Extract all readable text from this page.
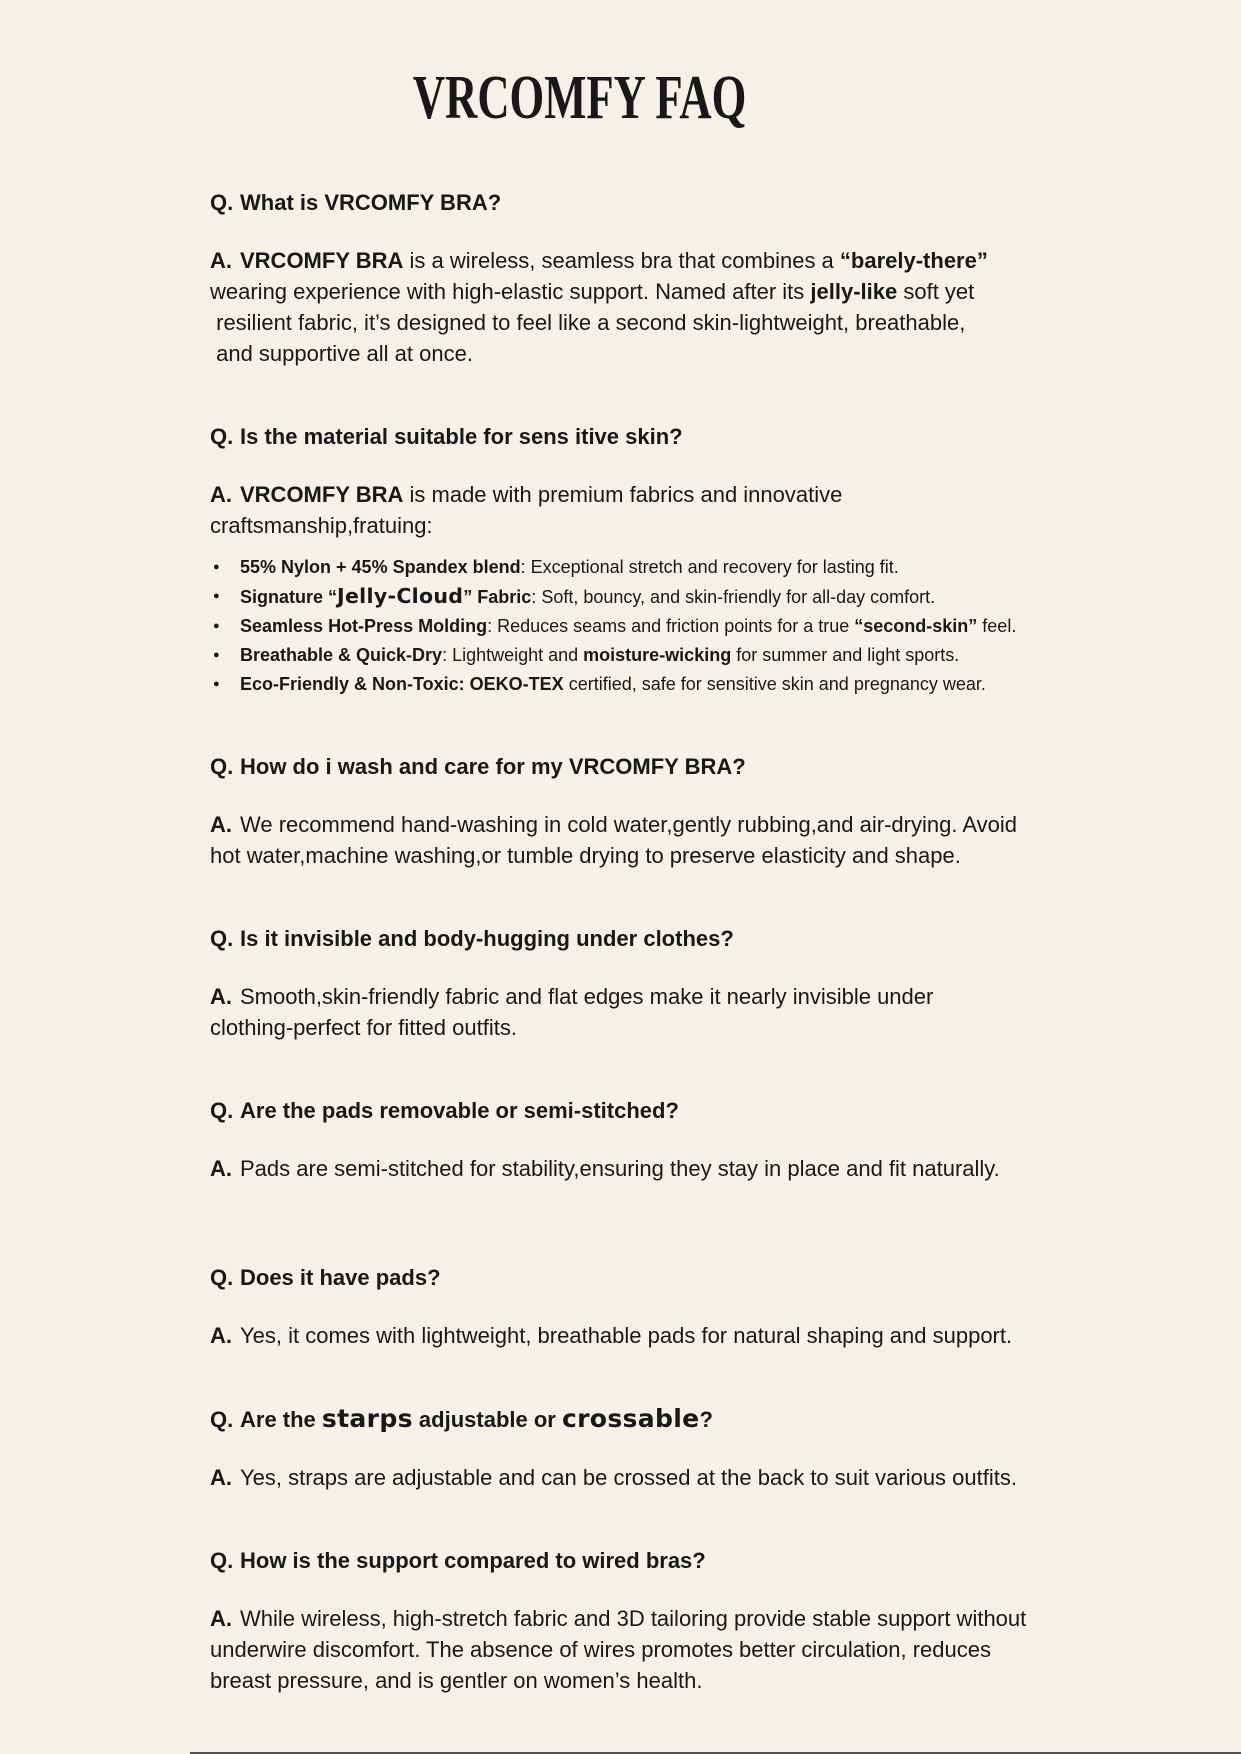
VRCOMFY FAQ
Q. What is VRCOMFY BRA?
A. VRCOMFY BRA is a wireless, seamless bra that combines a “barely-there”
wearing experience with high-elastic support. Named after its jelly-like soft yet
resilient fabric, it’s designed to feel like a second skin-lightweight, breathable,
and supportive all at once.
Q. Is the material suitable for sens itive skin?
A. VRCOMFY BRA is made with premium fabrics and innovative
craftsmanship,fratuing:
●	55% Nylon + 45% Spandex blend: Exceptional stretch and recovery for lasting fit.
●	Signature “Jelly-Cloud” Fabric: Soft, bouncy, and skin-friendly for all-day comfort.
●	Seamless Hot-Press Molding: Reduces seams and friction points for a true “second-skin” feel.
●	Breathable & Quick-Dry: Lightweight and moisture-wicking for summer and light sports.
●	Eco-Friendly & Non-Toxic: OEKO-TEX certified, safe for sensitive skin and pregnancy wear.
Q. How do i wash and care for my VRCOMFY BRA?
A. We recommend hand-washing in cold water,gently rubbing,and air-drying. Avoid
hot water,machine washing,or tumble drying to preserve elasticity and shape.
Q. Is it invisible and body-hugging under clothes?
A. Smooth,skin-friendly fabric and flat edges make it nearly invisible under
clothing-perfect for fitted outfits.
Q. Are the pads removable or semi-stitched?
A. Pads are semi-stitched for stability,ensuring they stay in place and fit naturally.
Q. Does it have pads?
A. Yes, it comes with lightweight, breathable pads for natural shaping and support.
Q. Are the starps adjustable or crossable?
A. Yes, straps are adjustable and can be crossed at the back to suit various outfits.
Q. How is the support compared to wired bras?
A. While wireless, high-stretch fabric and 3D tailoring provide stable support without
underwire discomfort. The absence of wires promotes better circulation, reduces
breast pressure, and is gentler on women’s health.
